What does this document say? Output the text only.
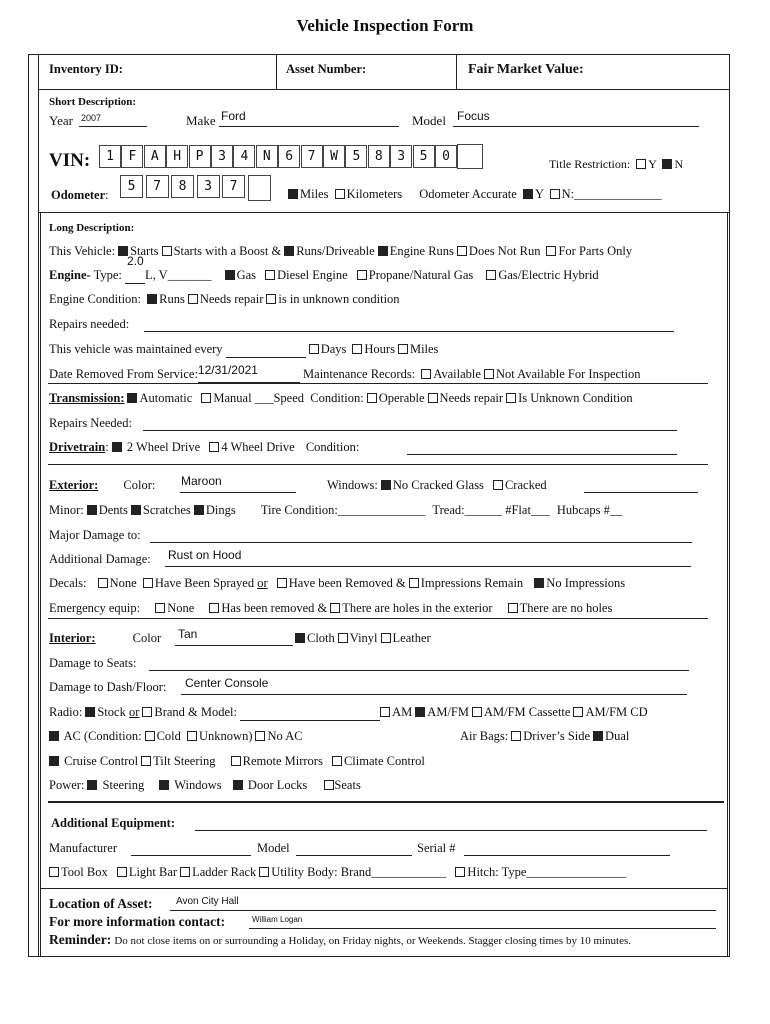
Vehicle Inspection Form
Inventory ID:	Asset Number:	Fair Market Value:
Short Description:
Year 2007	Make Ford	Model Focus
VIN:	1	F	A	H	P	3	4	N	6	7	W	5	8	3	5	0	Title Restriction: Y N
Odometer:
5	7	8	3	7	Miles Kilometers Odometer Accurate Y N:______________
Long Description:
This Vehicle: Starts Starts with a Boost & Runs/Driveable Engine Runs Does Not Run For Parts Only
Engine- Type:
2.0
L, V_______ Gas Diesel Engine Propane/Natural Gas Gas/Electric Hybrid
Engine Condition: Runs Needs repair is in unknown condition
Repairs needed:
This vehicle was maintained every	Days Hours Miles
Date Removed From Service: 12/31/2021	Maintenance Records: Available Not Available For Inspection
Transmission: Automatic Manual ___Speed Condition: Operable Needs repair Is Unknown Condition
Repairs Needed:
Drivetrain: 2 Wheel Drive 4 Wheel Drive Condition:
Exterior: Color: Maroon	Windows: No Cracked Glass Cracked
Minor: Dents Scratches Dings Tire Condition:______________ Tread:______ #Flat___ Hubcaps #__
Major Damage to:
Additional Damage: Rust on Hood
Decals: None Have Been Sprayed or Have been Removed & Impressions Remain No Impressions
Emergency equip: None Has been removed & There are holes in the exterior There are no holes
Interior:	Color Tan	Cloth Vinyl Leather
Damage to Seats:
Damage to Dash/Floor: Center Console
Radio: Stock or Brand & Model:	AM AM/FM AM/FM Cassette AM/FM CD
AC (Condition: Cold Unknown) No AC	Air Bags: Driver’s Side Dual
Cruise Control Tilt Steering Remote Mirrors Climate Control
Power: Steering Windows Door Locks Seats
Additional Equipment:
Manufacturer	Model	Serial #
Tool Box Light Bar Ladder Rack Utility Body: Brand____________ Hitch: Type________________
Location of Asset: Avon City Hall
For more information contact:	William Logan
Reminder: Do not close items on or surrounding a Holiday, on Friday nights, or Weekends. Stagger closing times by 10 minutes.
